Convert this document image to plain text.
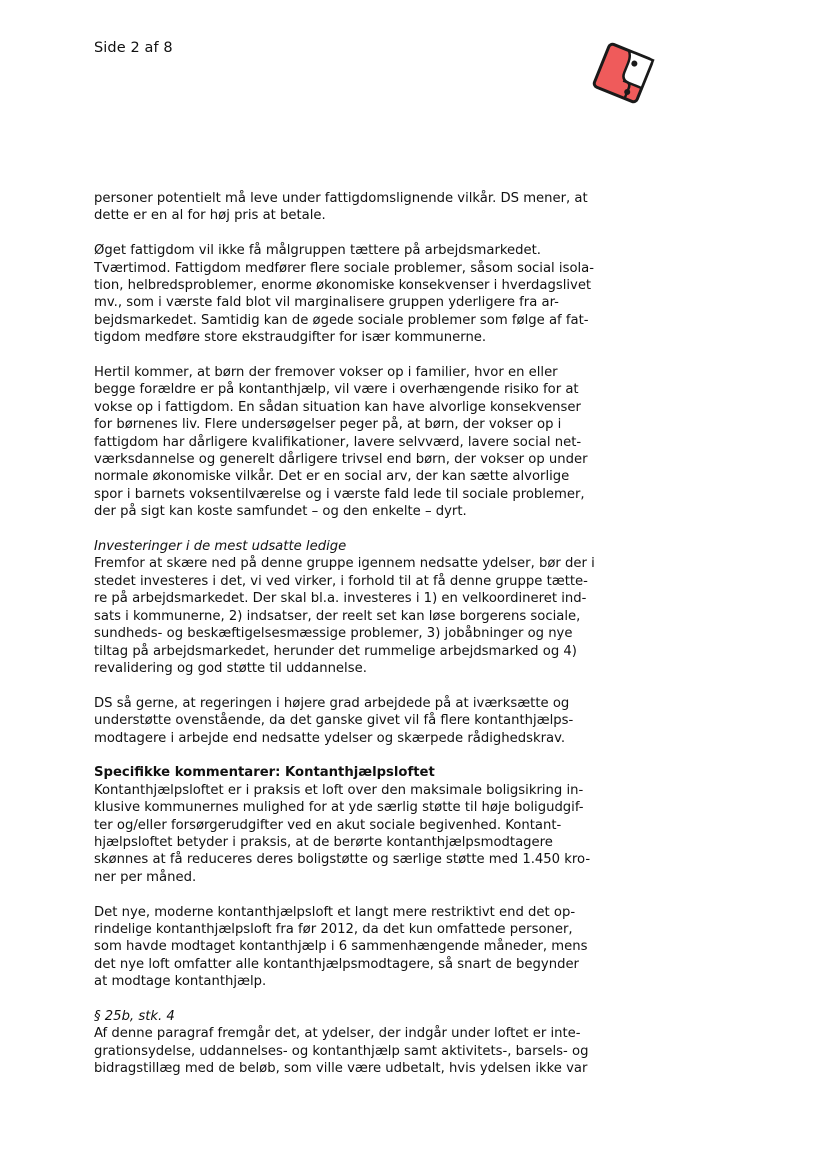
Side 2 af 8

personer potentielt må leve under fattigdomslignende vilkår. DS mener, at
dette er en al for høj pris at betale.

Øget fattigdom vil ikke få målgruppen tættere på arbejdsmarkedet.
Tværtimod. Fattigdom medfører flere sociale problemer, såsom social isola-
tion, helbredsproblemer, enorme økonomiske konsekvenser i hverdagslivet
mv., som i værste fald blot vil marginalisere gruppen yderligere fra ar-
bejdsmarkedet. Samtidig kan de øgede sociale problemer som følge af fat-
tigdom medføre store ekstraudgifter for især kommunerne.

Hertil kommer, at børn der fremover vokser op i familier, hvor en eller
begge forældre er på kontanthjælp, vil være i overhængende risiko for at
vokse op i fattigdom. En sådan situation kan have alvorlige konsekvenser
for børnenes liv. Flere undersøgelser peger på, at børn, der vokser op i
fattigdom har dårligere kvalifikationer, lavere selvværd, lavere social net-
værksdannelse og generelt dårligere trivsel end børn, der vokser op under
normale økonomiske vilkår. Det er en social arv, der kan sætte alvorlige
spor i barnets voksentilværelse og i værste fald lede til sociale problemer,
der på sigt kan koste samfundet – og den enkelte – dyrt.

Investeringer i de mest udsatte ledige

Fremfor at skære ned på denne gruppe igennem nedsatte ydelser, bør der i
stedet investeres i det, vi ved virker, i forhold til at få denne gruppe tætte-
re på arbejdsmarkedet. Der skal bl.a. investeres i 1) en velkoordineret ind-
sats i kommunerne, 2) indsatser, der reelt set kan løse borgerens sociale,
sundheds- og beskæftigelsesmæssige problemer, 3) jobåbninger og nye
tiltag på arbejdsmarkedet, herunder det rummelige arbejdsmarked og 4)
revalidering og god støtte til uddannelse.

DS så gerne, at regeringen i højere grad arbejdede på at iværksætte og
understøtte ovenstående, da det ganske givet vil få flere kontanthjælps-
modtagere i arbejde end nedsatte ydelser og skærpede rådighedskrav.

Specifikke kommentarer: Kontanthjælpsloftet

Kontanthjælpsloftet er i praksis et loft over den maksimale boligsikring in-
klusive kommunernes mulighed for at yde særlig støtte til høje boligudgif-
ter og/eller forsørgerudgifter ved en akut sociale begivenhed. Kontant-
hjælpsloftet betyder i praksis, at de berørte kontanthjælpsmodtagere
skønnes at få reduceres deres boligstøtte og særlige støtte med 1.450 kro-
ner per måned.

Det nye, moderne kontanthjælpsloft et langt mere restriktivt end det op-
rindelige kontanthjælpsloft fra før 2012, da det kun omfattede personer,
som havde modtaget kontanthjælp i 6 sammenhængende måneder, mens
det nye loft omfatter alle kontanthjælpsmodtagere, så snart de begynder
at modtage kontanthjælp.

§ 25b, stk. 4

Af denne paragraf fremgår det, at ydelser, der indgår under loftet er inte-
grationsydelse, uddannelses- og kontanthjælp samt aktivitets-, barsels- og
bidragstillæg med de beløb, som ville være udbetalt, hvis ydelsen ikke var
